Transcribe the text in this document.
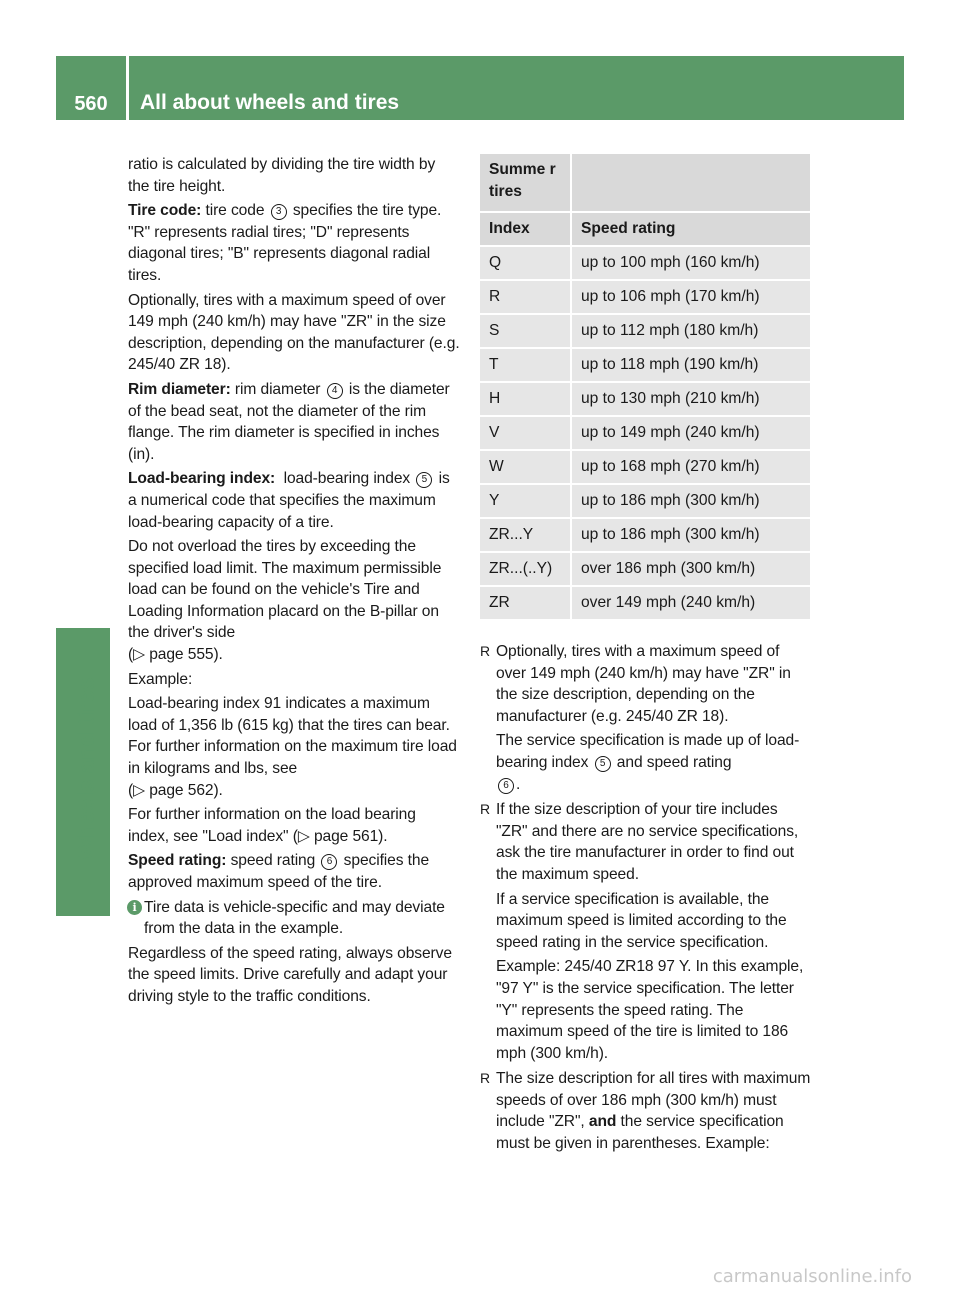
560	All about wheels and tires
Wheels and tires

ratio is calculated by dividing the tire width by the tire height.

Tire code: tire code 3 specifies the tire type. "R" represents radial tires; "D" represents diagonal tires; "B" represents diagonal radial tires.

Optionally, tires with a maximum speed of over 149 mph (240 km/h) may have "ZR" in the size description, depending on the manufacturer (e.g. 245/40 ZR 18).

Rim diameter: rim diameter 4 is the diameter of the bead seat, not the diameter of the rim flange. The rim diameter is specified in inches (in).

Load-bearing index:  load-bearing index 5 is a numerical code that specifies the maximum load-bearing capacity of a tire.

Do not overload the tires by exceeding the specified load limit. The maximum permissible load can be found on the vehicle's Tire and Loading Information placard on the B-pillar on the driver's side
(▷ page 555).

Example:

Load-bearing index 91 indicates a maximum load of 1,356 lb (615 kg) that the tires can bear. For further information on the maximum tire load in kilograms and lbs, see
(▷ page 562).

For further information on the load bearing index, see "Load index" (▷ page 561).

Speed rating: speed rating 6 specifies the approved maximum speed of the tire.

i Tire data is vehicle-specific and may deviate from the data in the example.

Regardless of the speed rating, always observe the speed limits. Drive carefully and adapt your driving style to the traffic conditions.

Summe r tires	
Index	Speed rating
Q	up to 100 mph (160 km/h)
R	up to 106 mph (170 km/h)
S	up to 112 mph (180 km/h)
T	up to 118 mph (190 km/h)
H	up to 130 mph (210 km/h)
V	up to 149 mph (240 km/h)
W	up to 168 mph (270 km/h)
Y	up to 186 mph (300 km/h)
ZR...Y	up to 186 mph (300 km/h)
ZR...(..Y)	over 186 mph (300 km/h)
ZR	over 149 mph (240 km/h)
R Optionally, tires with a maximum speed of over 149 mph (240 km/h) may have "ZR" in the size description, depending on the manufacturer (e.g. 245/40 ZR 18).

The service specification is made up of load-bearing index 5 and speed rating
6 .

R If the size description of your tire includes "ZR" and there are no service specifications, ask the tire manufacturer in order to find out the maximum speed.

If a service specification is available, the maximum speed is limited according to the speed rating in the service specification.

Example: 245/40 ZR18 97 Y. In this example, "97 Y" is the service specification. The letter "Y" represents the speed rating. The maximum speed of the tire is limited to 186 mph (300 km/h).

R The size description for all tires with maximum speeds of over 186 mph (300 km/h) must include "ZR", and the service specification must be given in parentheses. Example:

carmanualsonline.info
